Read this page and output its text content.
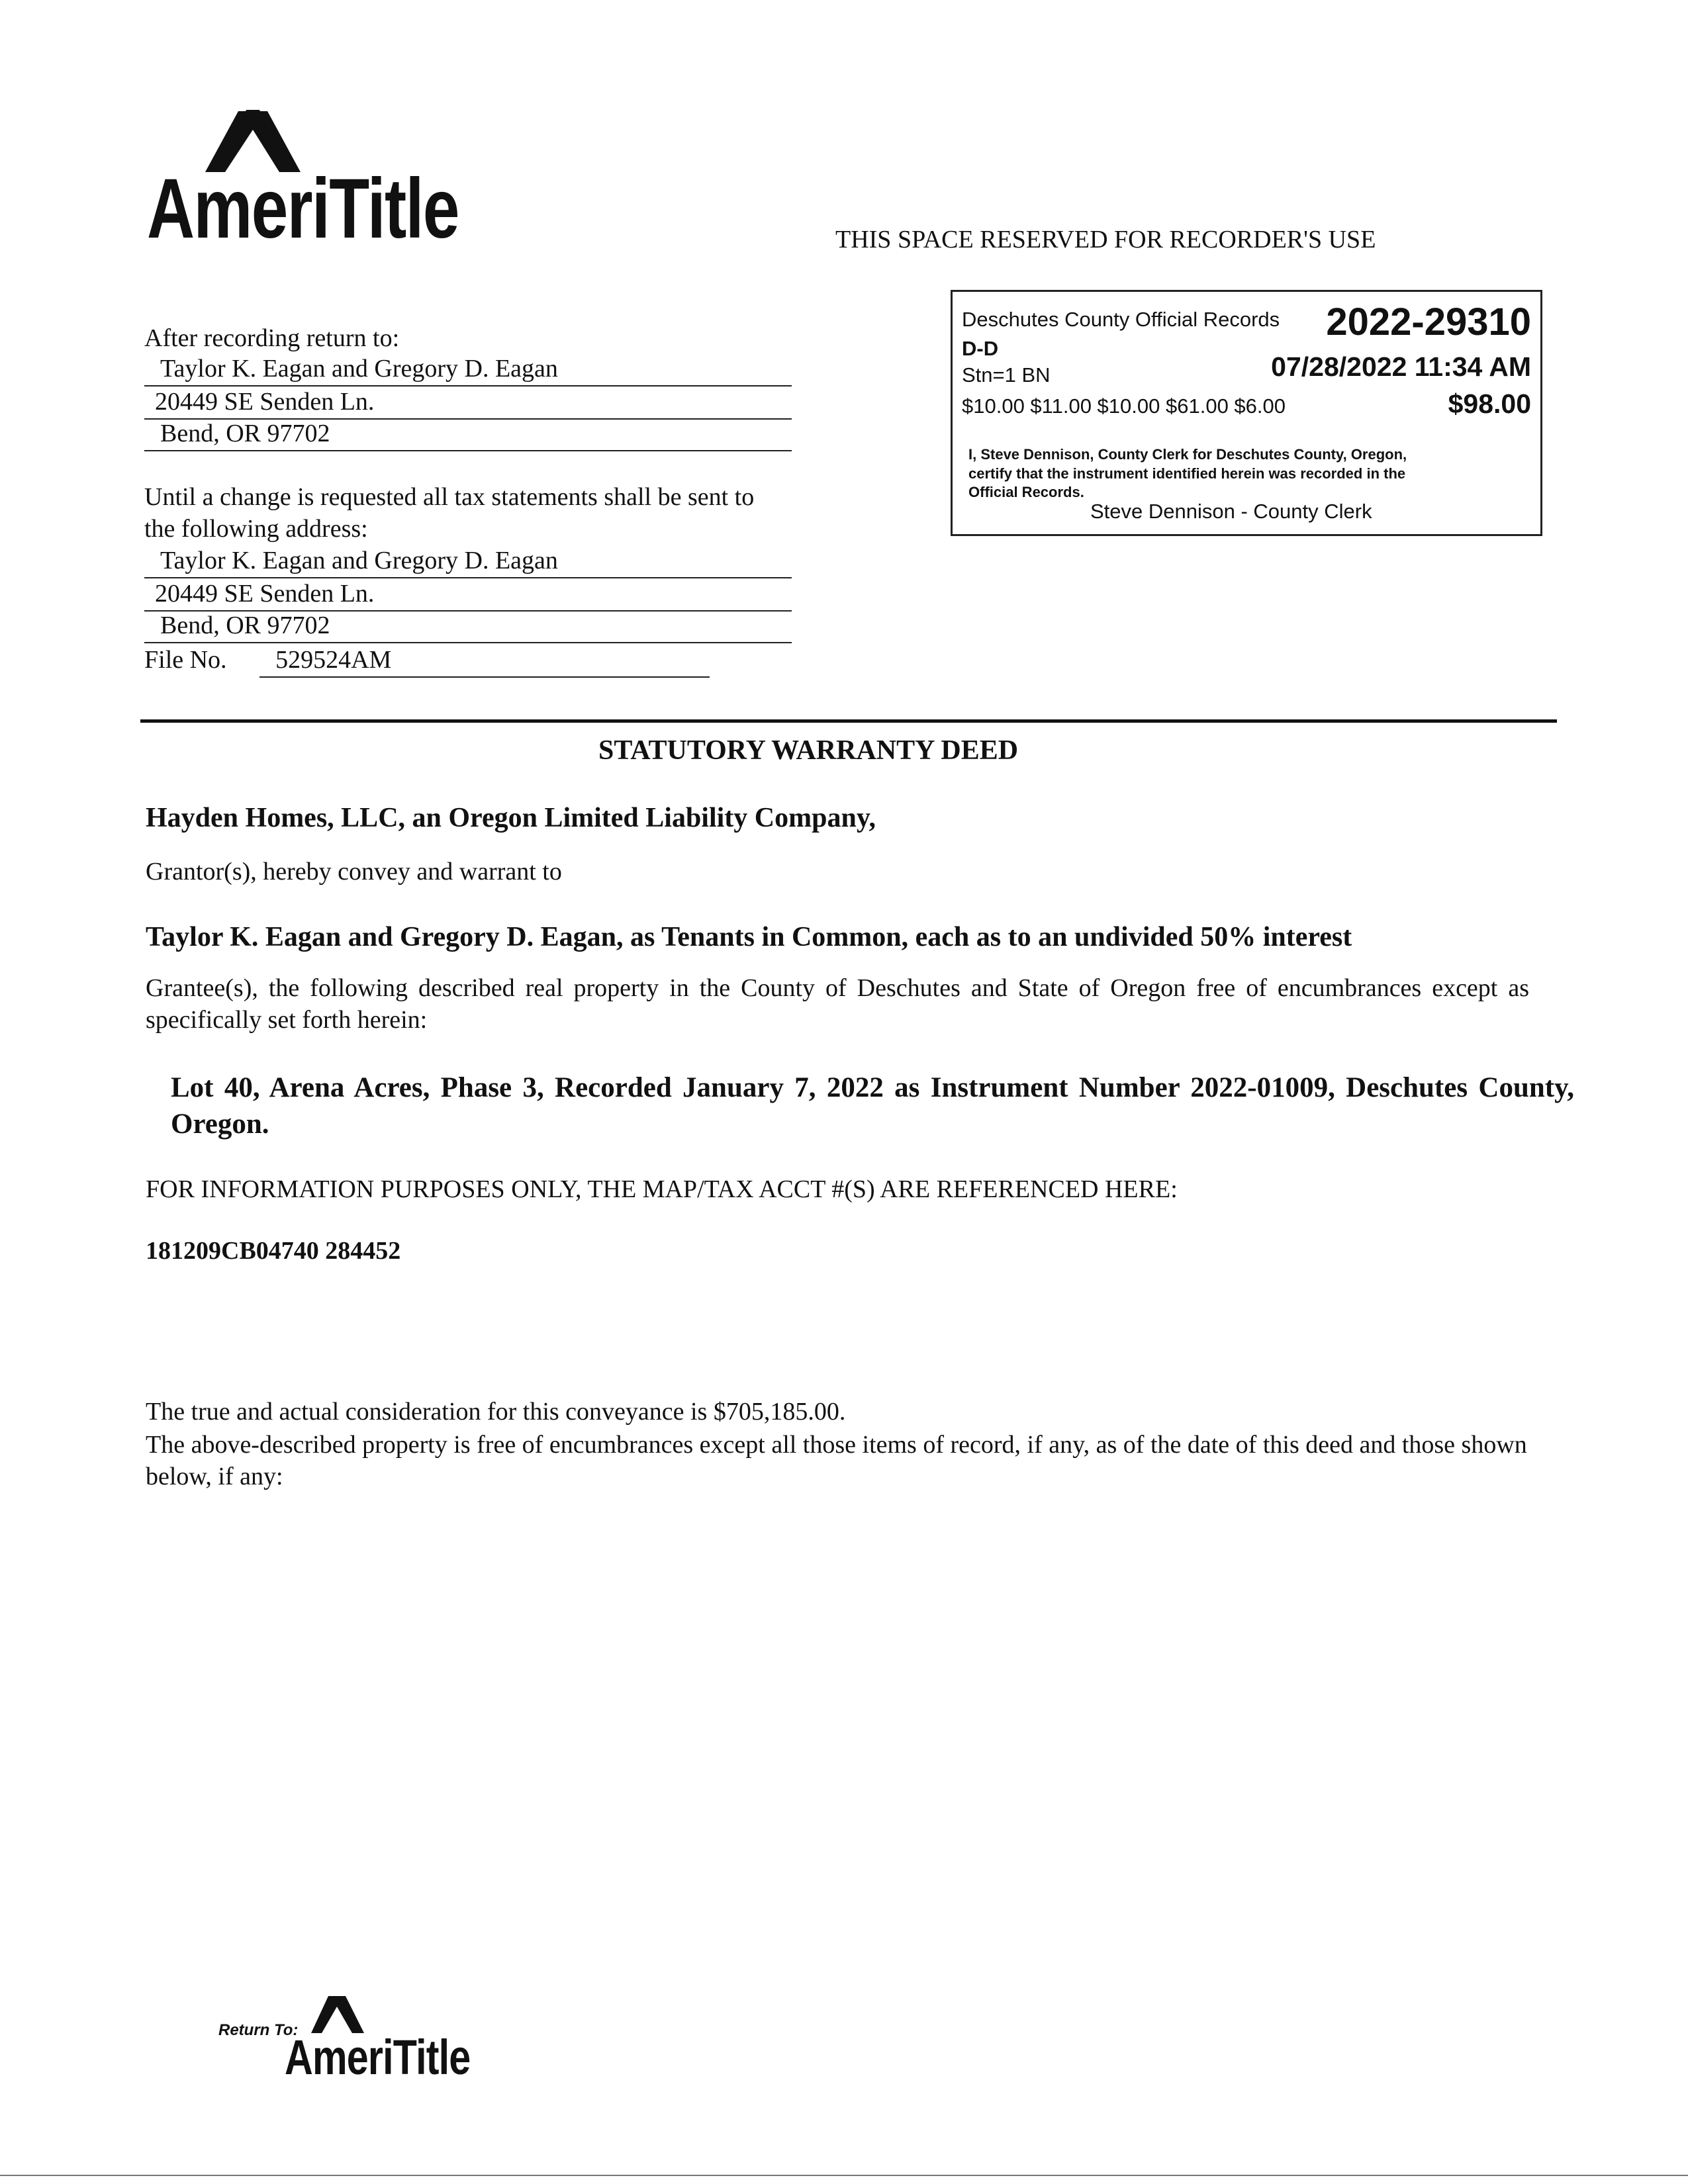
AmeriTitle	THIS SPACE RESERVED FOR RECORDER'S USE
After recording return to:
Taylor K. Eagan and Gregory D. Eagan
20449 SE Senden Ln.
Bend, OR 97702
Until a change is requested all tax statements shall be sent to the following address:
Taylor K. Eagan and Gregory D. Eagan
20449 SE Senden Ln.
Bend, OR 97702
File No. 529524AM
Deschutes County Official Records 2022-29310
D-D
Stn=1 BN	07/28/2022 11:34 AM
$10.00 $11.00 $10.00 $61.00 $6.00	$98.00
I, Steve Dennison, County Clerk for Deschutes County, Oregon, certify that the instrument identified herein was recorded in the Official Records.
Steve Dennison - County Clerk
STATUTORY WARRANTY DEED
Hayden Homes, LLC, an Oregon Limited Liability Company,
Grantor(s), hereby convey and warrant to
Taylor K. Eagan and Gregory D. Eagan, as Tenants in Common, each as to an undivided 50% interest
Grantee(s), the following described real property in the County of Deschutes and State of Oregon free of encumbrances except as specifically set forth herein:
Lot 40, Arena Acres, Phase 3, Recorded January 7, 2022 as Instrument Number 2022-01009, Deschutes County, Oregon.
FOR INFORMATION PURPOSES ONLY, THE MAP/TAX ACCT #(S) ARE REFERENCED HERE:
181209CB04740 284452
The true and actual consideration for this conveyance is $705,185.00.
The above-described property is free of encumbrances except all those items of record, if any, as of the date of this deed and those shown below, if any:
Return To:
AmeriTitle
